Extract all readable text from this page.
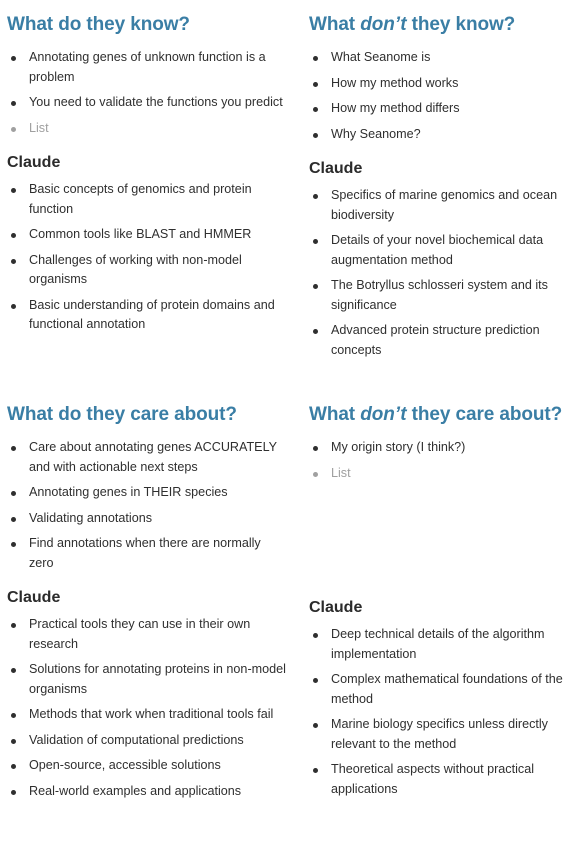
What do they know?
Annotating genes of unknown function is a problem
You need to validate the functions you predict
List
Claude
Basic concepts of genomics and protein function
Common tools like BLAST and HMMER
Challenges of working with non-model organisms
Basic understanding of protein domains and functional annotation
What don’t they know?
What Seanome is
How my method works
How my method differs
Why Seanome?
Claude
Specifics of marine genomics and ocean biodiversity
Details of your novel biochemical data augmentation method
The Botryllus schlosseri system and its significance
Advanced protein structure prediction concepts
What do they care about?
Care about annotating genes ACCURATELY and with actionable next steps
Annotating genes in THEIR species
Validating annotations
Find annotations when there are normally zero
Claude
Practical tools they can use in their own research
Solutions for annotating proteins in non-model organisms
Methods that work when traditional tools fail
Validation of computational predictions
Open-source, accessible solutions
Real-world examples and applications
What don’t they care about?
My origin story (I think?)
List
Claude
Deep technical details of the algorithm implementation
Complex mathematical foundations of the method
Marine biology specifics unless directly relevant to the method
Theoretical aspects without practical applications
